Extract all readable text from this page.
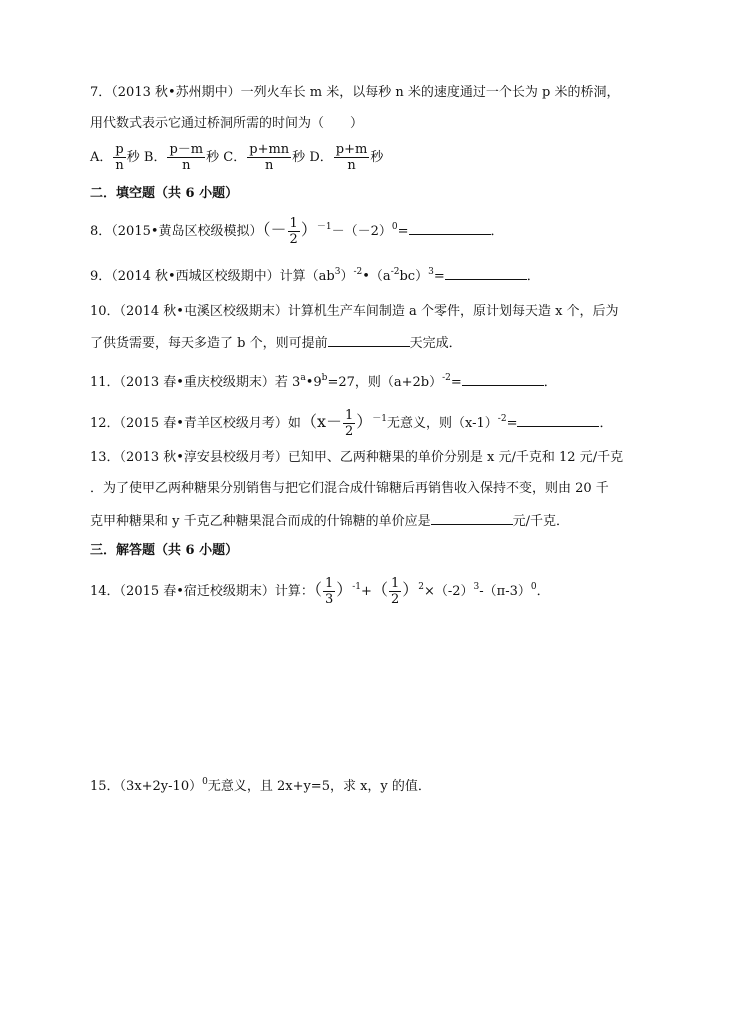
7．（2013 秋•苏州期中）一列火车长 m 米，以每秒 n 米的速度通过一个长为 p 米的桥洞，
用代数式表示它通过桥洞所需的时间为（　　）
A． $\frac{p}{n}$ 秒 B． $\frac{p-m}{n}$ 秒 C． $\frac{p+mn}{n}$ 秒 D． $\frac{p+m}{n}$ 秒
二．填空题（共 6 小题）
8．（2015•黄岛区校级模拟）（－ $\frac{1}{2} )^{-1}-(-2)^0=$	．
9．（2014 秋•西城区校级期中）计算$(ab^3)^{-2}•(a^{-2}bc)^3=$	．
10．（2014 秋•屯溪区校级期末）计算机生产车间制造 a 个零件，原计划每天造 x 个，后为
了供货需要，每天多造了 b 个，则可提前	天完成．
11．（2013 春•重庆校级期末）若 $3^a•9^b=27$，则$(a+2b)^{-2}=$	．
12．（2015 春•青羊区校级月考）如$(x- \frac{1}{2} )^{-1}$无意义，则$(x-1)^{-2}=$	．
13．（2013 秋•淳安县校级月考）已知甲、乙两种糖果的单价分别是 x 元/千克和 12 元/千克
．为了使甲乙两种糖果分别销售与把它们混合成什锦糖后再销售收入保持不变，则由 20 千
克甲种糖果和 y 千克乙种糖果混合而成的什锦糖的单价应是	元/千克．
三．解答题（共 6 小题）
14．（2015 春•宿迁校级期末）计算：（ $\frac{1}{3} )^{-1}+( \frac{1}{2} )^2\times(-2)^3-(\pi-3)^0$．
15．$(3x+2y-10)^0$无意义，且 2x+y=5，求 x，y 的值．
